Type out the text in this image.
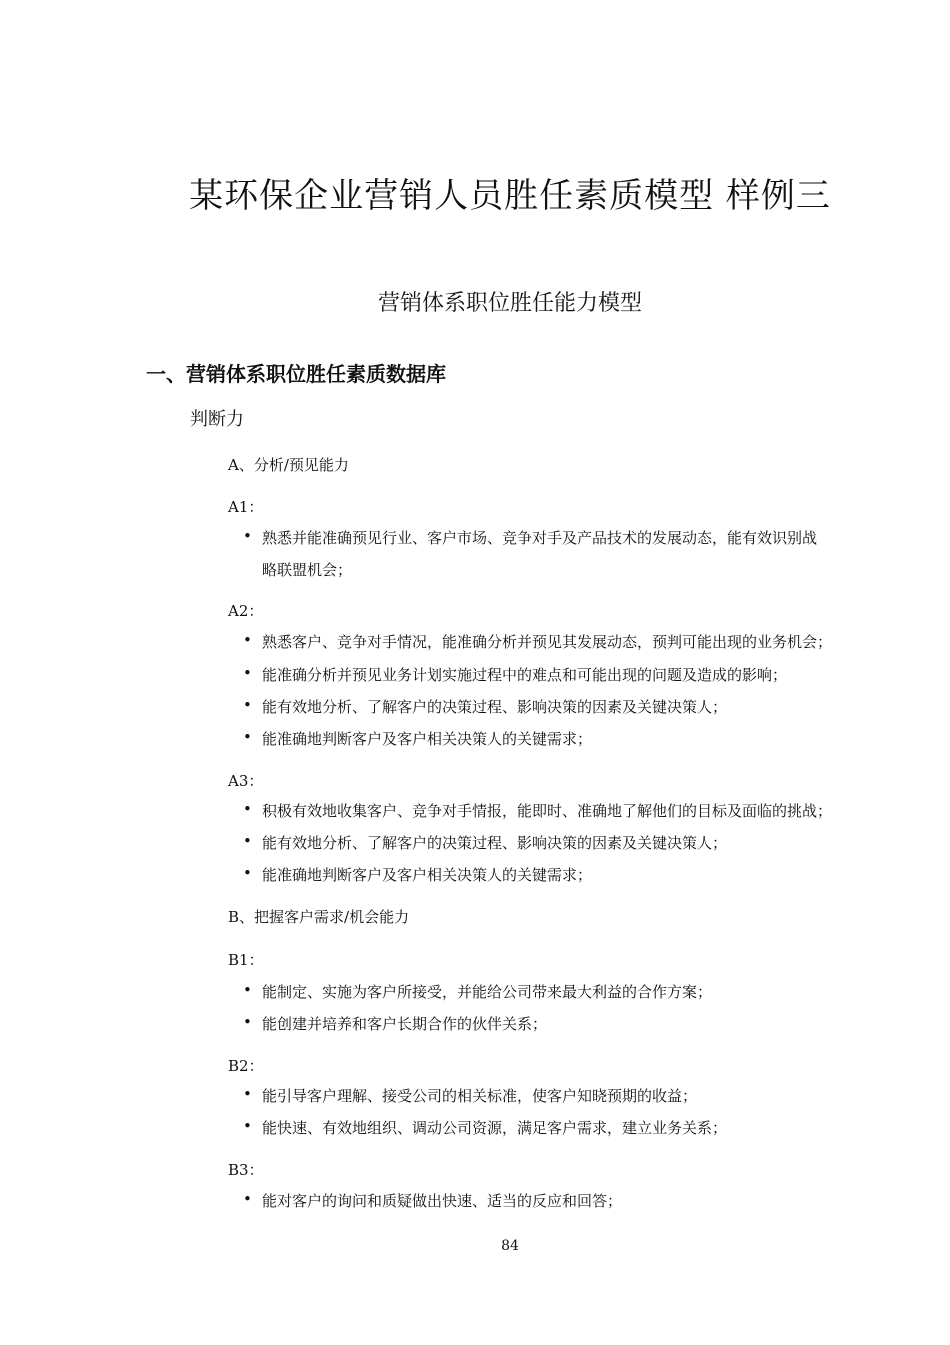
某环保企业营销人员胜任素质模型 样例三
营销体系职位胜任能力模型
一、营销体系职位胜任素质数据库
判断力
A、分析/预见能力
A1：
• 熟悉并能准确预见行业、客户市场、竞争对手及产品技术的发展动态，能有效识别战
略联盟机会；
A2：
• 熟悉客户、竞争对手情况，能准确分析并预见其发展动态，预判可能出现的业务机会；
• 能准确分析并预见业务计划实施过程中的难点和可能出现的问题及造成的影响；
• 能有效地分析、了解客户的决策过程、影响决策的因素及关键决策人；
• 能准确地判断客户及客户相关决策人的关键需求；
A3：
• 积极有效地收集客户、竞争对手情报，能即时、准确地了解他们的目标及面临的挑战；
• 能有效地分析、了解客户的决策过程、影响决策的因素及关键决策人；
• 能准确地判断客户及客户相关决策人的关键需求；
B、把握客户需求/机会能力
B1：
• 能制定、实施为客户所接受，并能给公司带来最大利益的合作方案；
• 能创建并培养和客户长期合作的伙伴关系；
B2：
• 能引导客户理解、接受公司的相关标准，使客户知晓预期的收益；
• 能快速、有效地组织、调动公司资源，满足客户需求，建立业务关系；
B3：
• 能对客户的询问和质疑做出快速、适当的反应和回答；
84
